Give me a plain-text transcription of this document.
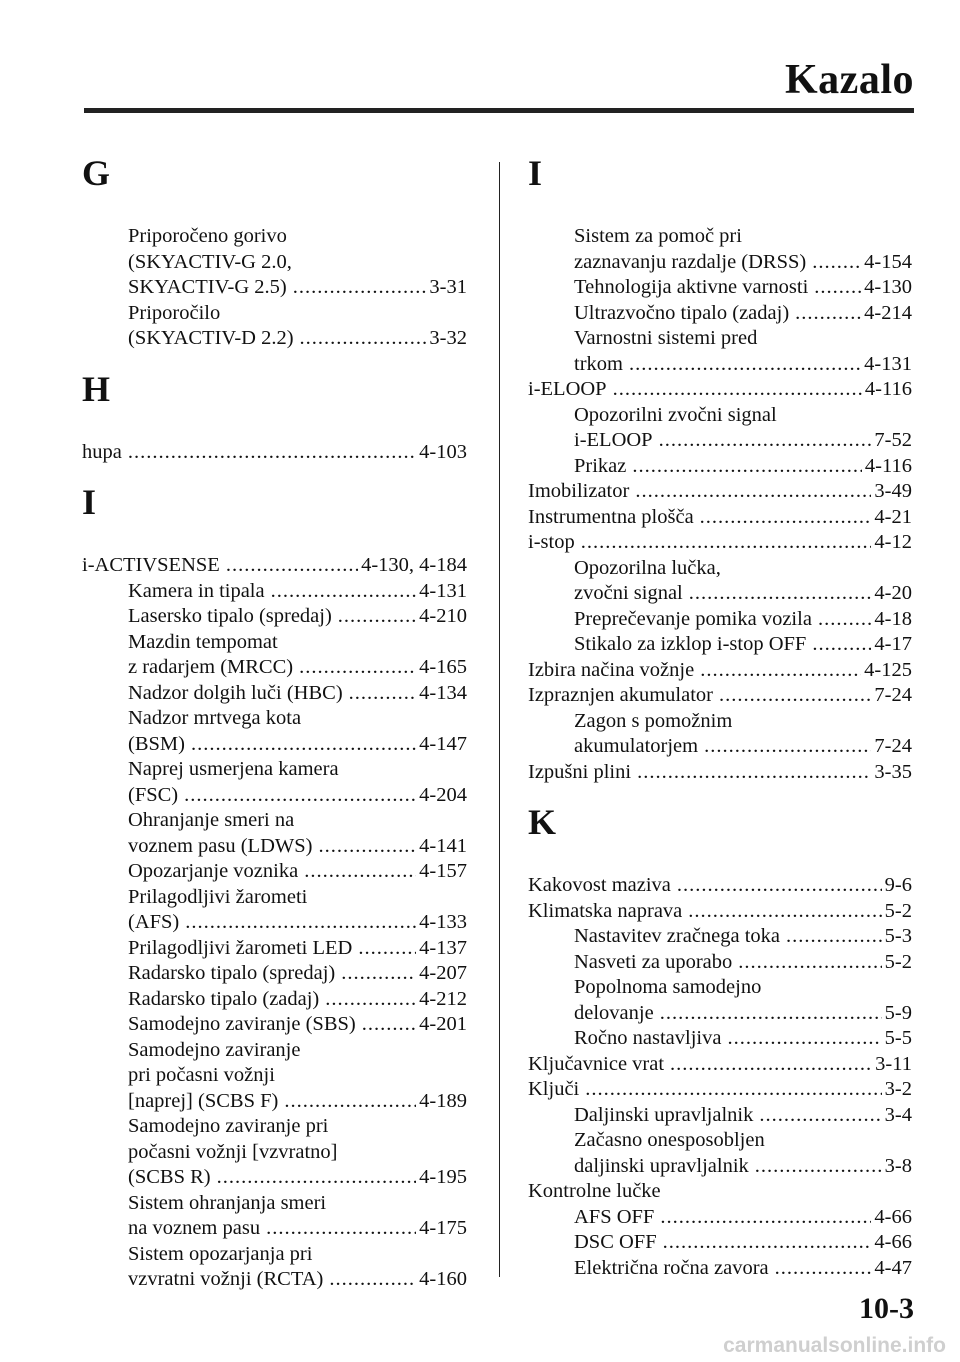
Kazalo
G
Priporočeno gorivo
(SKYACTIV-G 2.0,
SKYACTIV-G 2.5) .....	3-31
Priporočilo
(SKYACTIV-D 2.2) .....	3-32
H
hupa .....	4-103
I
i-ACTIVSENSE .....	4-130, 4-184
Kamera in tipala .....	4-131
Lasersko tipalo (spredaj) .....	4-210
Mazdin tempomat
z radarjem (MRCC) .....	4-165
Nadzor dolgih luči (HBC) .....	4-134
Nadzor mrtvega kota
(BSM) .....	4-147
Naprej usmerjena kamera
(FSC) .....	4-204
Ohranjanje smeri na
voznem pasu (LDWS) .....	4-141
Opozarjanje voznika .....	4-157
Prilagodljivi žarometi
(AFS) .....	4-133
Prilagodljivi žarometi LED .....	4-137
Radarsko tipalo (spredaj) .....	4-207
Radarsko tipalo (zadaj) .....	4-212
Samodejno zaviranje (SBS) .....	4-201
Samodejno zaviranje
pri počasni vožnji
[naprej] (SCBS F) .....	4-189
Samodejno zaviranje pri
počasni vožnji [vzvratno]
(SCBS R) .....	4-195
Sistem ohranjanja smeri
na voznem pasu .....	4-175
Sistem opozarjanja pri
vzvratni vožnji (RCTA) .....	4-160
I
Sistem za pomoč pri
zaznavanju razdalje (DRSS) .....	4-154
Tehnologija aktivne varnosti .....	4-130
Ultrazvočno tipalo (zadaj) .....	4-214
Varnostni sistemi pred
trkom .....	4-131
i-ELOOP .....	4-116
Opozorilni zvočni signal
i-ELOOP .....	7-52
Prikaz .....	4-116
Imobilizator .....	3-49
Instrumentna plošča .....	4-21
i-stop .....	4-12
Opozorilna lučka,
zvočni signal .....	4-20
Preprečevanje pomika vozila .....	4-18
Stikalo za izklop i-stop OFF .....	4-17
Izbira načina vožnje .....	4-125
Izpraznjen akumulator .....	7-24
Zagon s pomožnim
akumulatorjem .....	7-24
Izpušni plini .....	3-35
K
Kakovost maziva .....	9-6
Klimatska naprava .....	5-2
Nastavitev zračnega toka .....	5-3
Nasveti za uporabo .....	5-2
Popolnoma samodejno
delovanje .....	5-9
Ročno nastavljiva .....	5-5
Ključavnice vrat .....	3-11
Ključi .....	3-2
Daljinski upravljalnik .....	3-4
Začasno onesposobljen
daljinski upravljalnik .....	3-8
Kontrolne lučke
AFS OFF .....	4-66
DSC OFF .....	4-66
Električna ročna zavora .....	4-47
10-3
carmanualsonline.info
